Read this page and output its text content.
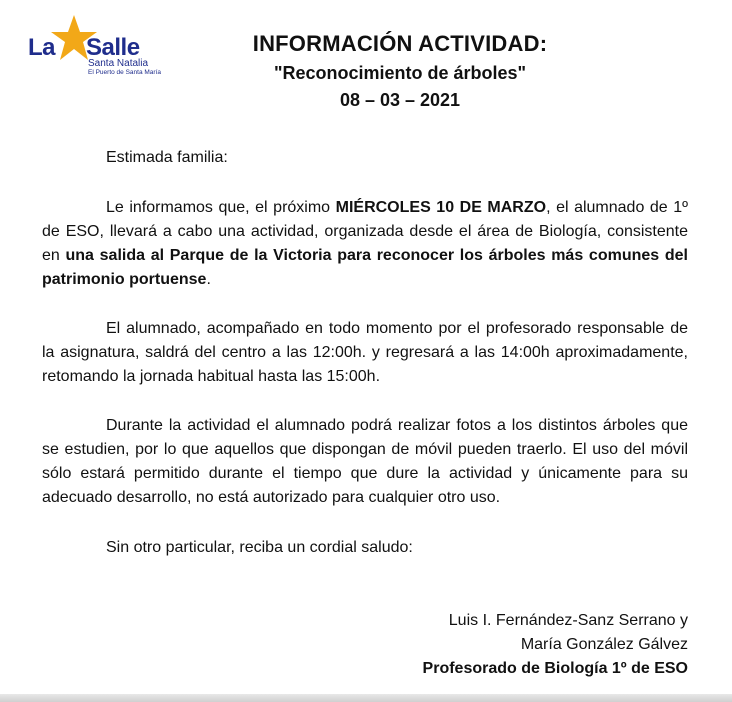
La Salle
Santa Natalia
El Puerto de Santa María

INFORMACIÓN ACTIVIDAD:

"Reconocimiento de árboles"

08 – 03 – 2021

Estimada familia:

Le informamos que, el próximo MIÉRCOLES 10 DE MARZO, el alumnado de 1º de ESO, llevará a cabo una actividad, organizada desde el área de Biología, consistente en una salida al Parque de la Victoria para reconocer los árboles más comunes del patrimonio portuense.

El alumnado, acompañado en todo momento por el profesorado responsable de la asignatura, saldrá del centro a las 12:00h. y regresará a las 14:00h aproximadamente, retomando la jornada habitual hasta las 15:00h.

Durante la actividad el alumnado podrá realizar fotos a los distintos árboles que se estudien, por lo que aquellos que dispongan de móvil pueden traerlo. El uso del móvil sólo estará permitido durante el tiempo que dure la actividad y únicamente para su adecuado desarrollo, no está autorizado para cualquier otro uso.

Sin otro particular, reciba un cordial saludo:

Luis I. Fernández-Sanz Serrano y
María González Gálvez
Profesorado de Biología 1º de ESO
